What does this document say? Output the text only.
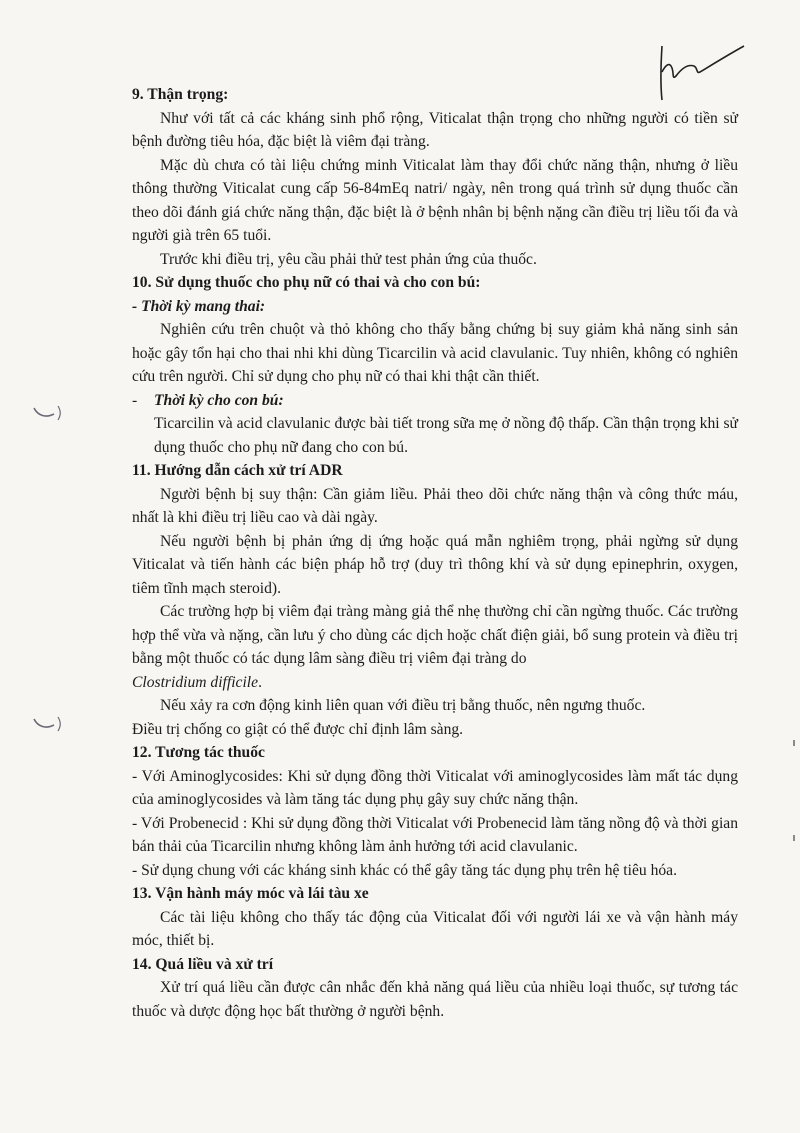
9. Thận trọng:

Như với tất cả các kháng sinh phổ rộng, Viticalat thận trọng cho những người có tiền sử bệnh đường tiêu hóa, đặc biệt là viêm đại tràng.

Mặc dù chưa có tài liệu chứng minh Viticalat làm thay đổi chức năng thận, nhưng ở liều thông thường Viticalat cung cấp 56-84mEq natri/ ngày, nên trong quá trình sử dụng thuốc cần theo dõi đánh giá chức năng thận, đặc biệt là ở bệnh nhân bị bệnh nặng cần điều trị liều tối đa và người già trên 65 tuổi.

Trước khi điều trị, yêu cầu phải thử test phản ứng của thuốc.

10. Sử dụng thuốc cho phụ nữ có thai và cho con bú:

- Thời kỳ mang thai:

Nghiên cứu trên chuột và thỏ không cho thấy bằng chứng bị suy giảm khả năng sinh sản hoặc gây tổn hại cho thai nhi khi dùng Ticarcilin và acid clavulanic. Tuy nhiên, không có nghiên cứu trên người. Chỉ sử dụng cho phụ nữ có thai khi thật cần thiết.

- Thời kỳ cho con bú:

Ticarcilin và acid clavulanic được bài tiết trong sữa mẹ ở nồng độ thấp. Cần thận trọng khi sử dụng thuốc cho phụ nữ đang cho con bú.

11. Hướng dẫn cách xử trí ADR

Người bệnh bị suy thận: Cần giảm liều. Phải theo dõi chức năng thận và công thức máu, nhất là khi điều trị liều cao và dài ngày.

Nếu người bệnh bị phản ứng dị ứng hoặc quá mẫn nghiêm trọng, phải ngừng sử dụng Viticalat và tiến hành các biện pháp hỗ trợ (duy trì thông khí và sử dụng epinephrin, oxygen, tiêm tĩnh mạch steroid).

Các trường hợp bị viêm đại tràng màng giả thể nhẹ thường chỉ cần ngừng thuốc. Các trường hợp thể vừa và nặng, cần lưu ý cho dùng các dịch hoặc chất điện giải, bổ sung protein và điều trị bằng một thuốc có tác dụng lâm sàng điều trị viêm đại tràng do
Clostridium difficile.

Nếu xảy ra cơn động kinh liên quan với điều trị bằng thuốc, nên ngưng thuốc.

Điều trị chống co giật có thể được chỉ định lâm sàng.

12. Tương tác thuốc

- Với Aminoglycosides: Khi sử dụng đồng thời Viticalat với aminoglycosides làm mất tác dụng của aminoglycosides và làm tăng tác dụng phụ gây suy chức năng thận.

- Với Probenecid : Khi sử dụng đồng thời Viticalat với Probenecid làm tăng nồng độ và thời gian bán thải của Ticarcilin nhưng không làm ảnh hưởng tới acid clavulanic.

- Sử dụng chung với các kháng sinh khác có thể gây tăng tác dụng phụ trên hệ tiêu hóa.

13. Vận hành máy móc và lái tàu xe

Các tài liệu không cho thấy tác động của Viticalat đối với người lái xe và vận hành máy móc, thiết bị.

14. Quá liều và xử trí

Xử trí quá liều cần được cân nhắc đến khả năng quá liều của nhiều loại thuốc, sự tương tác thuốc và dược động học bất thường ở người bệnh.
